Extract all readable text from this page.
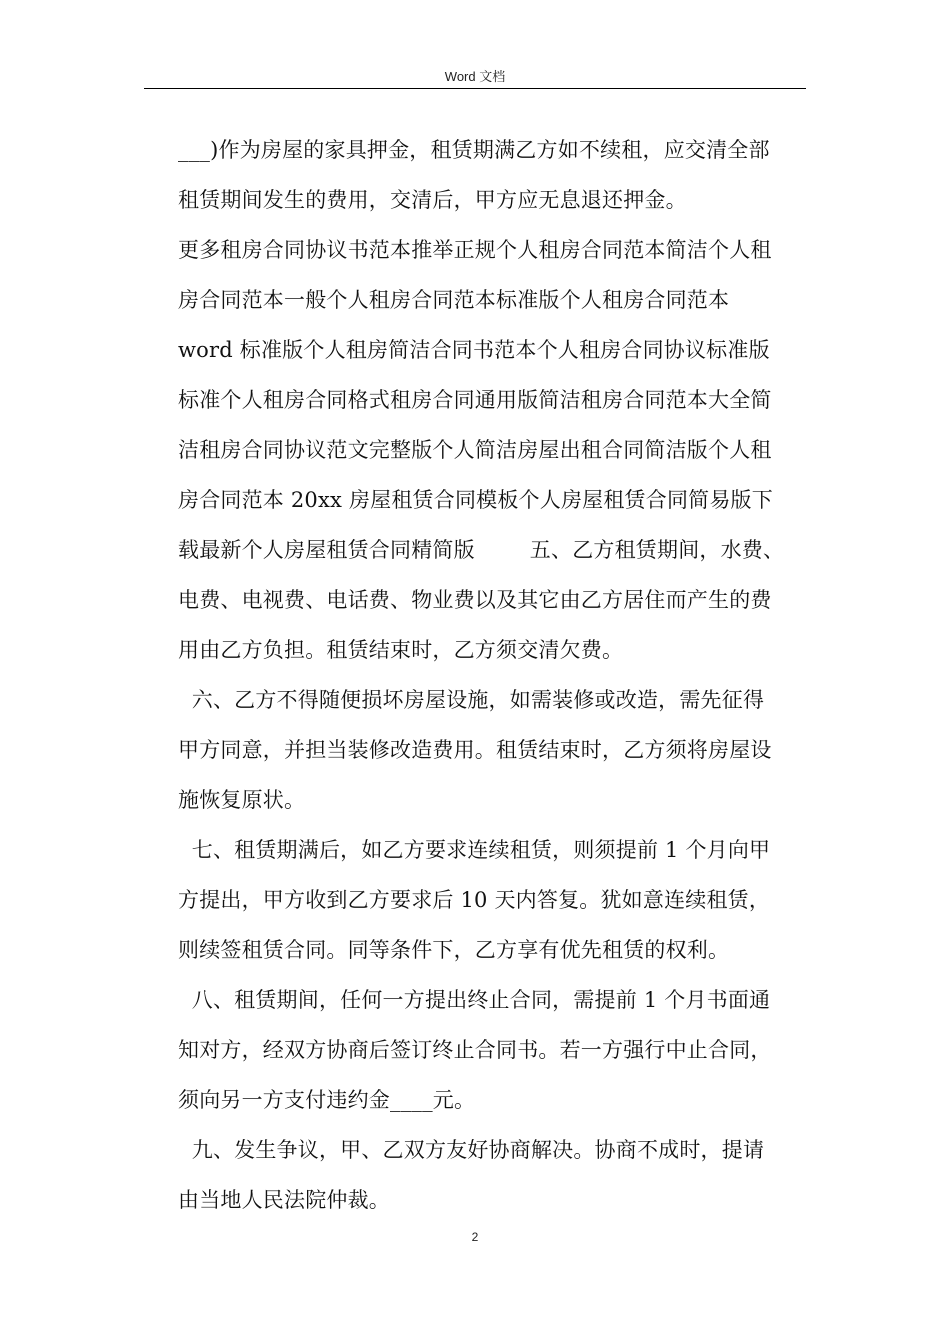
Word 文档
___)作为房屋的家具押金，租赁期满乙方如不续租，应交清全部
租赁期间发生的费用，交清后，甲方应无息退还押金。
更多租房合同协议书范本推举正规个人租房合同范本简洁个人租
房合同范本一般个人租房合同范本标准版个人租房合同范本
word 标准版个人租房简洁合同书范本个人租房合同协议标准版
标准个人租房合同格式租房合同通用版简洁租房合同范本大全简
洁租房合同协议范文完整版个人简洁房屋出租合同简洁版个人租
房合同范本 20xx 房屋租赁合同模板个人房屋租赁合同简易版下
载最新个人房屋租赁合同精简版        五、乙方租赁期间，水费、
电费、电视费、电话费、物业费以及其它由乙方居住而产生的费
用由乙方负担。租赁结束时，乙方须交清欠费。
六、乙方不得随便损坏房屋设施，如需装修或改造，需先征得
甲方同意，并担当装修改造费用。租赁结束时，乙方须将房屋设
施恢复原状。
七、租赁期满后，如乙方要求连续租赁，则须提前 1 个月向甲
方提出，甲方收到乙方要求后 10 天内答复。犹如意连续租赁，
则续签租赁合同。同等条件下，乙方享有优先租赁的权利。
八、租赁期间，任何一方提出终止合同，需提前 1 个月书面通
知对方，经双方协商后签订终止合同书。若一方强行中止合同，
须向另一方支付违约金____元。
九、发生争议，甲、乙双方友好协商解决。协商不成时，提请
由当地人民法院仲裁。
2
